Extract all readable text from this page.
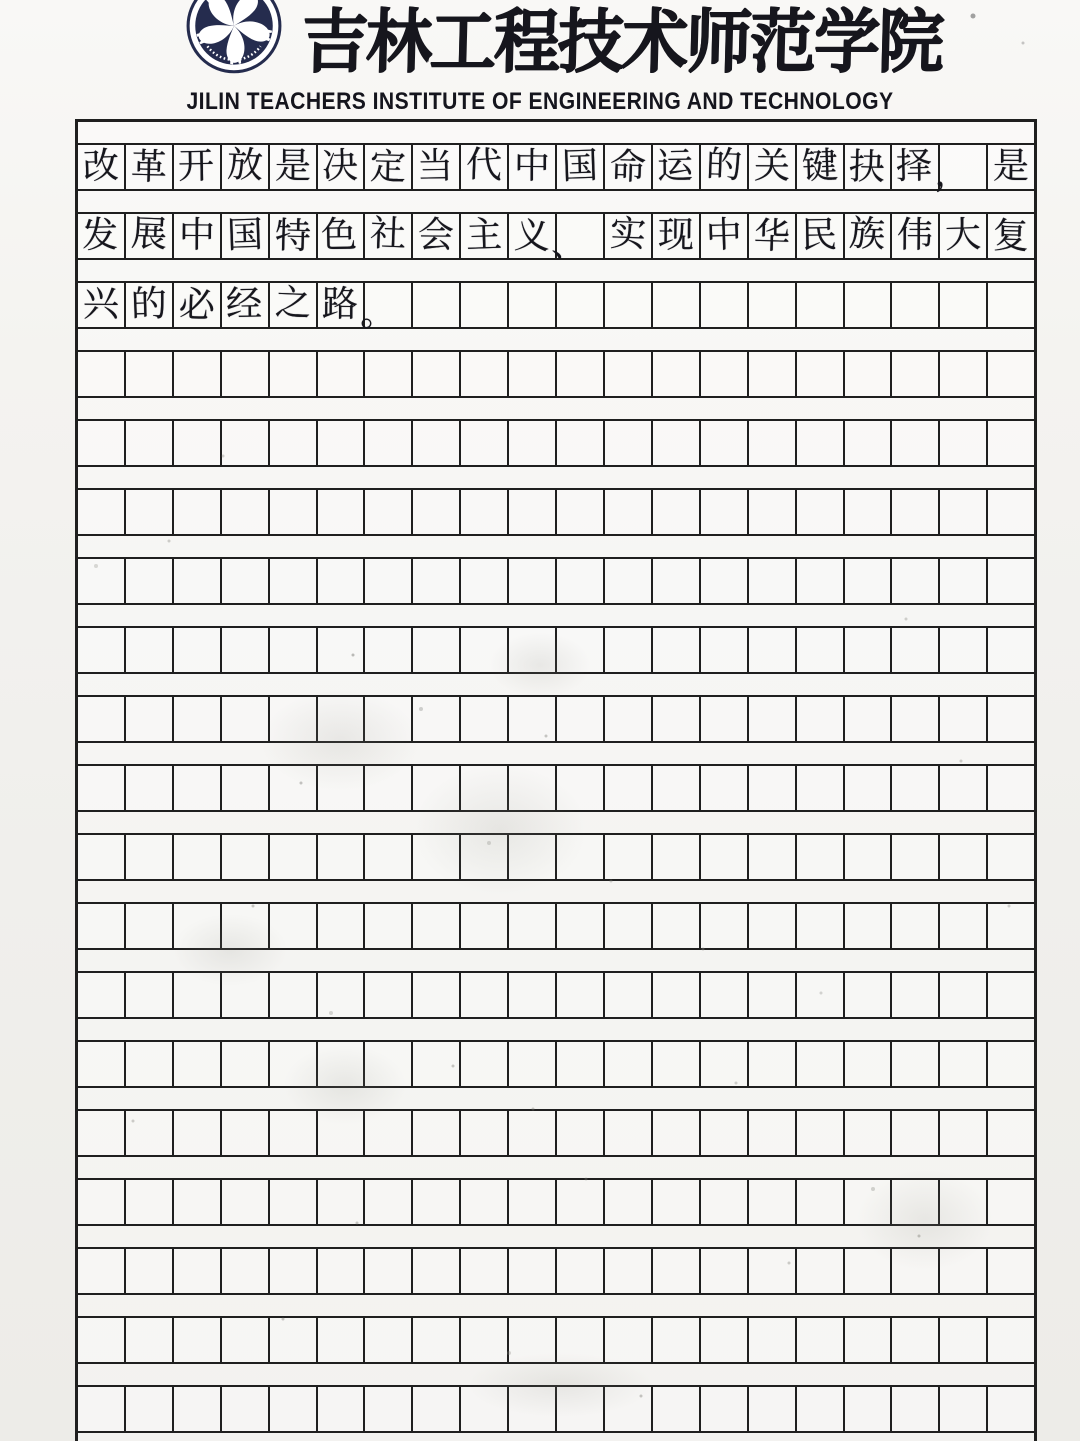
吉林工程技术师范学院
JILIN TEACHERS INSTITUTE OF ENGINEERING AND TECHNOLOGY
改 革 开 放 是 决 定 当 代 中 国 命 运 的 关 键 抉 择 ， 是
发 展 中 国 特 色 社 会 主 义 、 实 现 中 华 民 族 伟 大 复
兴 的 必 经 之 路 。
